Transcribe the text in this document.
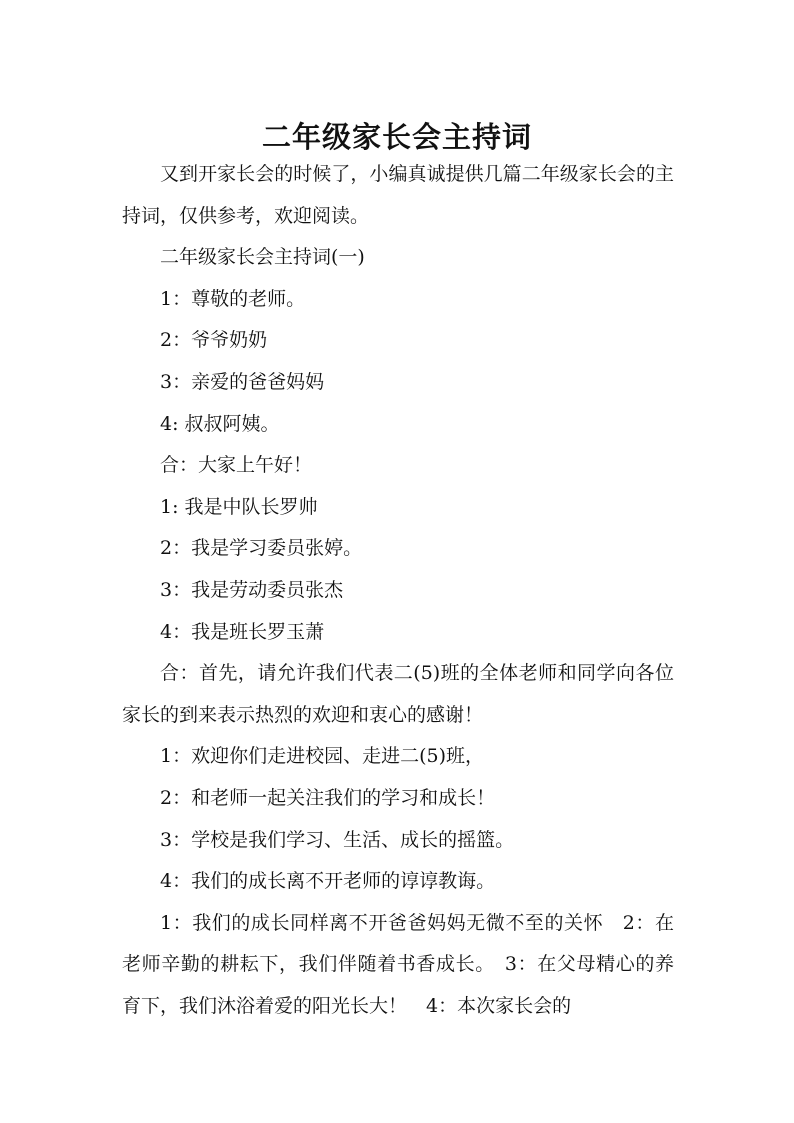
二年级家长会主持词

又到开家长会的时候了，小编真诚提供几篇二年级家长会的主持词，仅供参考，欢迎阅读。

二年级家长会主持词(一)

1：尊敬的老师。

2：爷爷奶奶

3：亲爱的爸爸妈妈

4: 叔叔阿姨。

合：大家上午好！

1: 我是中队长罗帅

2：我是学习委员张婷。

3：我是劳动委员张杰

4：我是班长罗玉萧

合：首先，请允许我们代表二(5)班的全体老师和同学向各位家长的到来表示热烈的欢迎和衷心的感谢！

1：欢迎你们走进校园、走进二(5)班，

2：和老师一起关注我们的学习和成长！

3：学校是我们学习、生活、成长的摇篮。

4：我们的成长离不开老师的谆谆教诲。

1：我们的成长同样离不开爸爸妈妈无微不至的关怀　2：在老师辛勤的耕耘下，我们伴随着书香成长。　3：在父母精心的养育下，我们沐浴着爱的阳光长大！　4：本次家长会的
